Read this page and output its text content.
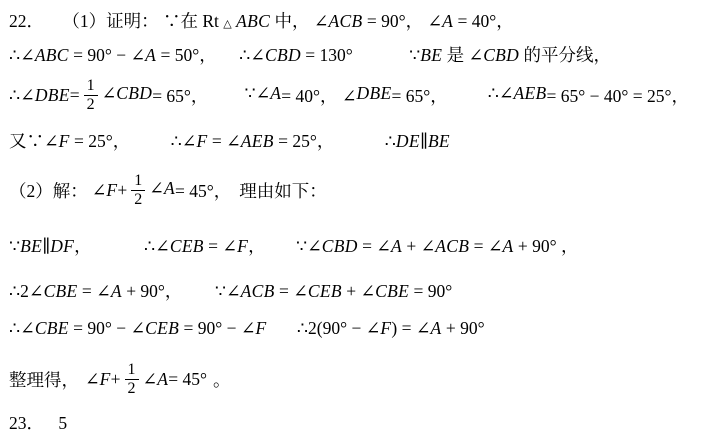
22． （1）证明： ∵在 Rt △ ABC 中， ∠ACB = 90°， ∠A = 40°，
∴∠ABC = 90° − ∠A = 50°， ∴∠CBD = 130°	∵BE 是 ∠CBD 的平分线，
∴∠ DBE = $\frac{1}{2}$ ∠ CBD = 65°， ∵∠ A = 40°， ∠ DBE = 65°， ∴∠ AEB = 65° − 40° = 25°，
又∵∠F = 25°， ∴∠F = ∠AEB = 25°，	∴DE∥BE
（2）解： ∠ $F + \frac{1}{2}$ ∠ A = 45°， 理由如下：
∵BE∥DF，	∴∠CEB = ∠F， ∵∠CBD = ∠A + ∠ACB = ∠A + 90° ，
∴2∠CBE = ∠A + 90°， ∵∠ACB = ∠CEB + ∠CBE = 90°
∴∠CBE = 90° − ∠CEB = 90° − ∠F ∴2(90° − ∠F) = ∠A + 90°
整理得， ∠ $F + \frac{1}{2}$ ∠ A = 45° 。
23． 5
